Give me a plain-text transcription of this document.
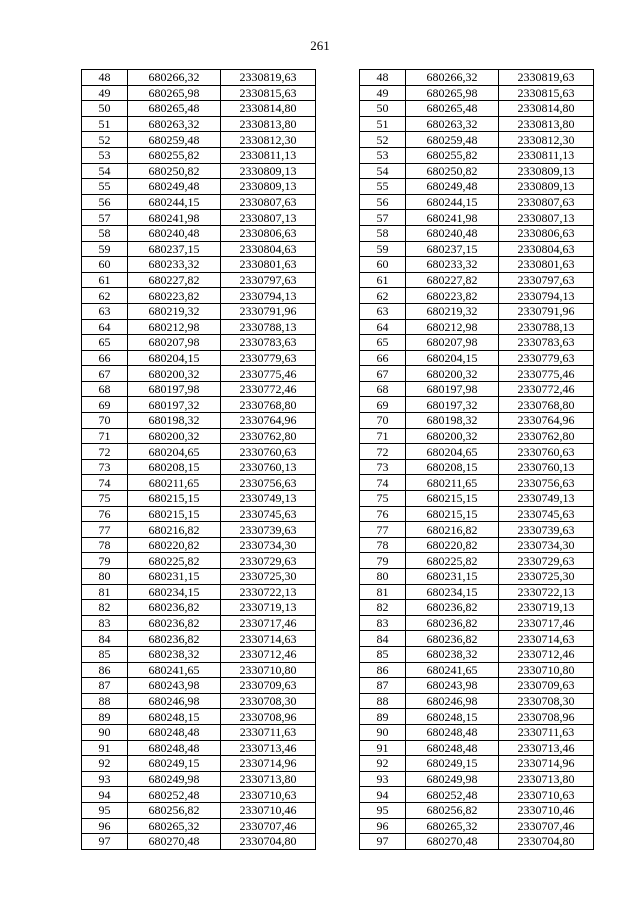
261
48	680266,32	2330819,63		48	680266,32	2330819,63
49	680265,98	2330815,63		49	680265,98	2330815,63
50	680265,48	2330814,80		50	680265,48	2330814,80
51	680263,32	2330813,80		51	680263,32	2330813,80
52	680259,48	2330812,30		52	680259,48	2330812,30
53	680255,82	2330811,13		53	680255,82	2330811,13
54	680250,82	2330809,13		54	680250,82	2330809,13
55	680249,48	2330809,13		55	680249,48	2330809,13
56	680244,15	2330807,63		56	680244,15	2330807,63
57	680241,98	2330807,13		57	680241,98	2330807,13
58	680240,48	2330806,63		58	680240,48	2330806,63
59	680237,15	2330804,63		59	680237,15	2330804,63
60	680233,32	2330801,63		60	680233,32	2330801,63
61	680227,82	2330797,63		61	680227,82	2330797,63
62	680223,82	2330794,13		62	680223,82	2330794,13
63	680219,32	2330791,96		63	680219,32	2330791,96
64	680212,98	2330788,13		64	680212,98	2330788,13
65	680207,98	2330783,63		65	680207,98	2330783,63
66	680204,15	2330779,63		66	680204,15	2330779,63
67	680200,32	2330775,46		67	680200,32	2330775,46
68	680197,98	2330772,46		68	680197,98	2330772,46
69	680197,32	2330768,80		69	680197,32	2330768,80
70	680198,32	2330764,96		70	680198,32	2330764,96
71	680200,32	2330762,80		71	680200,32	2330762,80
72	680204,65	2330760,63		72	680204,65	2330760,63
73	680208,15	2330760,13		73	680208,15	2330760,13
74	680211,65	2330756,63		74	680211,65	2330756,63
75	680215,15	2330749,13		75	680215,15	2330749,13
76	680215,15	2330745,63		76	680215,15	2330745,63
77	680216,82	2330739,63		77	680216,82	2330739,63
78	680220,82	2330734,30		78	680220,82	2330734,30
79	680225,82	2330729,63		79	680225,82	2330729,63
80	680231,15	2330725,30		80	680231,15	2330725,30
81	680234,15	2330722,13		81	680234,15	2330722,13
82	680236,82	2330719,13		82	680236,82	2330719,13
83	680236,82	2330717,46		83	680236,82	2330717,46
84	680236,82	2330714,63		84	680236,82	2330714,63
85	680238,32	2330712,46		85	680238,32	2330712,46
86	680241,65	2330710,80		86	680241,65	2330710,80
87	680243,98	2330709,63		87	680243,98	2330709,63
88	680246,98	2330708,30		88	680246,98	2330708,30
89	680248,15	2330708,96		89	680248,15	2330708,96
90	680248,48	2330711,63		90	680248,48	2330711,63
91	680248,48	2330713,46		91	680248,48	2330713,46
92	680249,15	2330714,96		92	680249,15	2330714,96
93	680249,98	2330713,80		93	680249,98	2330713,80
94	680252,48	2330710,63		94	680252,48	2330710,63
95	680256,82	2330710,46		95	680256,82	2330710,46
96	680265,32	2330707,46		96	680265,32	2330707,46
97	680270,48	2330704,80		97	680270,48	2330704,80
